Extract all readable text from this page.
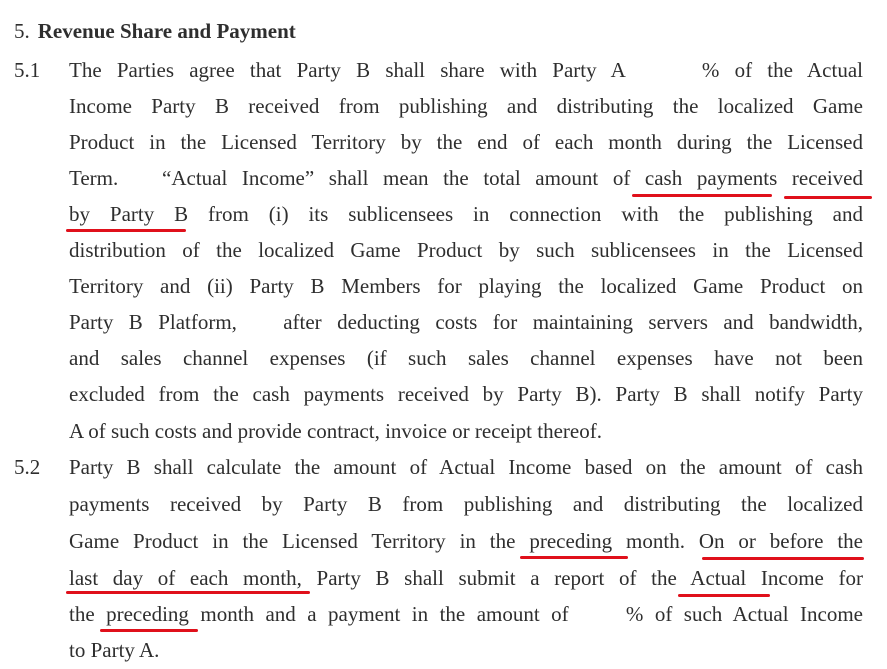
5. Revenue Share and Payment
5.1 The Parties agree that Party B shall share with Party A     % of the Actual
Income Party B received from publishing and distributing the localized Game
Product in the Licensed Territory by the end of each month during the Licensed
Term.   “Actual Income” shall mean the total amount of cash payments received
by Party B from (i) its sublicensees in connection with the publishing and
distribution of the localized Game Product by such sublicensees in the Licensed
Territory and (ii) Party B Members for playing the localized Game Product on
Party B Platform,   after deducting costs for maintaining servers and bandwidth,
and sales channel expenses (if such sales channel expenses have not been
excluded from the cash payments received by Party B). Party B shall notify Party
A of such costs and provide contract, invoice or receipt thereof.
5.2 Party B shall calculate the amount of Actual Income based on the amount of cash
payments received by Party B from publishing and distributing the localized
Game Product in the Licensed Territory in the preceding month. On or before the
last day of each month, Party B shall submit a report of the Actual Income for
the preceding month and a payment in the amount of     % of such Actual Income
to Party A.
